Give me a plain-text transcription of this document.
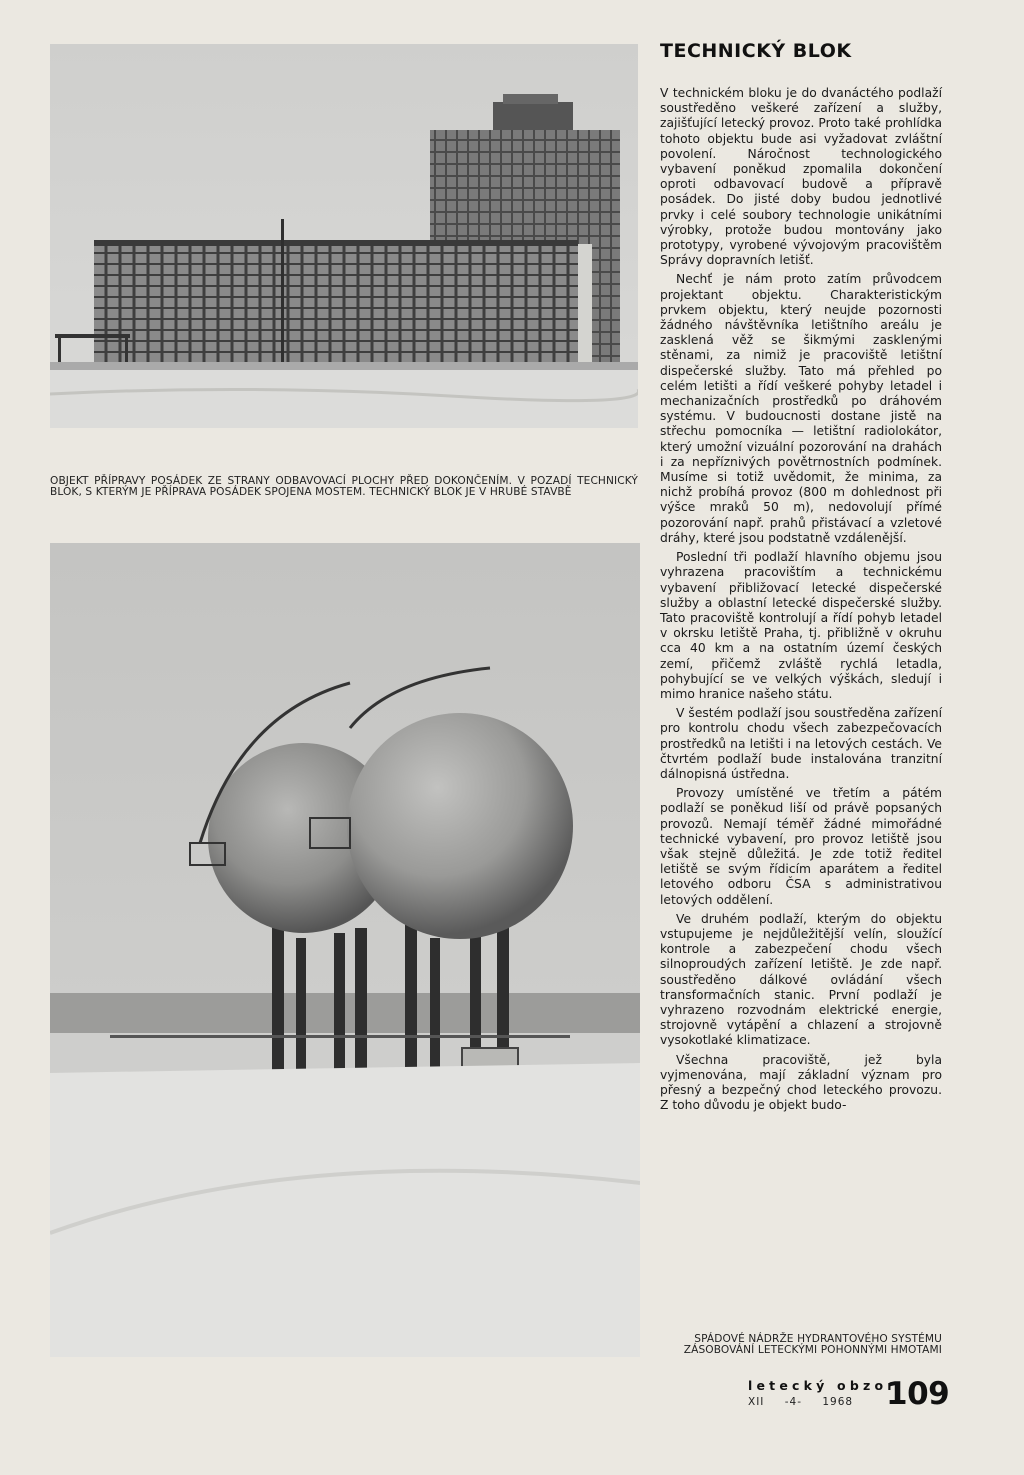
OBJEKT PŘÍPRAVY POSÁDEK ZE STRANY ODBAVOVACÍ PLOCHY PŘED DOKONČENÍM. V POZADÍ TECHNICKÝ BLOK, S KTERÝM JE PŘÍPRAVA POSÁDEK SPOJENA MOSTEM. TECHNICKÝ BLOK JE V HRUBÉ STAVBĚ

SPÁDOVÉ NÁDRŽE HYDRANTOVÉHO SYSTÉMU ZÁSOBOVÁNÍ LETECKÝMI POHONNÝMI HMOTAMI

TECHNICKÝ BLOK

V technickém bloku je do dvanáctého podlaží soustředěno veškeré zařízení a služby, zajišťující letecký provoz. Proto také prohlídka tohoto objektu bude asi vyžadovat zvláštní povolení. Náročnost technologického vybavení poněkud zpomalila dokončení oproti odbavovací budově a přípravě posádek. Do jisté doby budou jednotlivé prvky i celé soubory technologie unikátními výrobky, protože budou montovány jako prototypy, vyrobené vývojovým pracovištěm Správy dopravních letišť.

Nechť je nám proto zatím průvodcem projektant objektu. Charakteristickým prvkem objektu, který neujde pozornosti žádného návštěvníka letištního areálu je zasklená věž se šikmými zasklenými stěnami, za nimiž je pracoviště letištní dispečerské služby. Tato má přehled po celém letišti a řídí veškeré pohyby letadel i mechanizačních prostředků po dráhovém systému. V budoucnosti dostane jistě na střechu pomocníka — letištní radiolokátor, který umožní vizuální pozorování na drahách i za nepříznivých povětrnostních podmínek. Musíme si totiž uvědomit, že minima, za nichž probíhá provoz (800 m dohlednost při výšce mraků 50 m), nedovolují přímé pozorování např. prahů přistávací a vzletové dráhy, které jsou podstatně vzdálenější.

Poslední tři podlaží hlavního objemu jsou vyhrazena pracovištím a technickému vybavení přibližovací letecké dispečerské služby a oblastní letecké dispečerské služby. Tato pracoviště kontrolují a řídí pohyb letadel v okrsku letiště Praha, tj. přibližně v okruhu cca 40 km a na ostatním území českých zemí, přičemž zvláště rychlá letadla, pohybující se ve velkých výškách, sledují i mimo hranice našeho státu.

V šestém podlaží jsou soustředěna zařízení pro kontrolu chodu všech zabezpečovacích prostředků na letišti i na letových cestách. Ve čtvrtém podlaží bude instalována tranzitní dálnopisná ústředna.

Provozy umístěné ve třetím a pátém podlaží se poněkud liší od právě popsaných provozů. Nemají téměř žádné mimořádné technické vybavení, pro provoz letiště jsou však stejně důležitá. Je zde totiž ředitel letiště se svým řídicím aparátem a ředitel letového odboru ČSA s administrativou letových oddělení.

Ve druhém podlaží, kterým do objektu vstupujeme je nejdůležitější velín, sloužící kontrole a zabezpečení chodu všech silnoproudých zařízení letiště. Je zde např. soustředěno dálkové ovládání všech transformačních stanic. První podlaží je vyhrazeno rozvodnám elektrické energie, strojovně vytápění a chlazení a strojovně vysokotlaké klimatizace.

Všechna pracoviště, jež byla vyjmenována, mají základní význam pro přesný a bezpečný chod leteckého provozu. Z toho důvodu je objekt budo-

letecký obzor
XII -4- 1968	109
